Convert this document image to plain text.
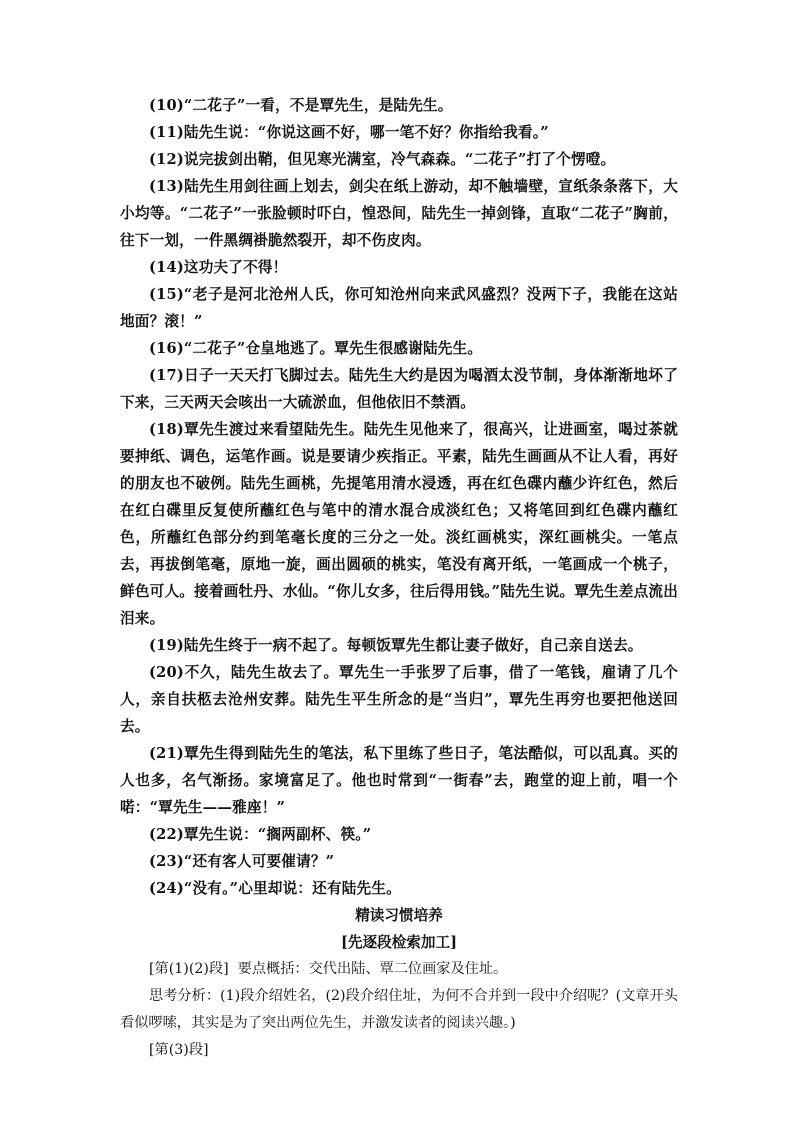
(10)“二花子”一看，不是覃先生，是陆先生。

(11)陆先生说：“你说这画不好，哪一笔不好？你指给我看。”

(12)说完拔剑出鞘，但见寒光满室，冷气森森。“二花子”打了个愣噔。

(13)陆先生用剑往画上划去，剑尖在纸上游动，却不触墙壁，宣纸条条落下，大小均等。“二花子”一张脸顿时吓白，惶恐间，陆先生一掉剑锋，直取“二花子”胸前，往下一划，一件黑绸褂脆然裂开，却不伤皮肉。

(14)这功夫了不得！

(15)“老子是河北沧州人氏，你可知沧州向来武风盛烈？没两下子，我能在这站地面？滚！”

(16)“二花子”仓皇地逃了。覃先生很感谢陆先生。

(17)日子一天天打飞脚过去。陆先生大约是因为喝酒太没节制，身体渐渐地坏了下来，三天两天会咳出一大硫淤血，但他依旧不禁酒。

(18)覃先生渡过来看望陆先生。陆先生见他来了，很高兴，让进画室，喝过茶就要抻纸、调色，运笔作画。说是要请少疾指正。平素，陆先生画画从不让人看，再好的朋友也不破例。陆先生画桃，先提笔用清水浸透，再在红色碟内蘸少许红色，然后在红白碟里反复使所蘸红色与笔中的清水混合成淡红色；又将笔回到红色碟内蘸红色，所蘸红色部分约到笔毫长度的三分之一处。淡红画桃实，深红画桃尖。一笔点去，再拔倒笔毫，原地一旋，画出圆硕的桃实，笔没有离开纸，一笔画成一个桃子，鲜色可人。接着画牡丹、水仙。“你儿女多，往后得用钱。”陆先生说。覃先生差点流出泪来。

(19)陆先生终于一病不起了。每顿饭覃先生都让妻子做好，自己亲自送去。

(20)不久，陆先生故去了。覃先生一手张罗了后事，借了一笔钱，雇请了几个人，亲自扶柩去沧州安葬。陆先生平生所念的是“当归”，覃先生再穷也要把他送回去。

(21)覃先生得到陆先生的笔法，私下里练了些日子，笔法酷似，可以乱真。买的人也多，名气渐扬。家境富足了。他也时常到“一街春”去，跑堂的迎上前，唱一个喏：“覃先生——雅座！”

(22)覃先生说：“搁两副杯、筷。”

(23)“还有客人可要催请？”

(24)“没有。”心里却说：还有陆先生。

精读习惯培养

[先逐段检索加工]

[第(1)(2)段] 要点概括：交代出陆、覃二位画家及住址。

思考分析：(1)段介绍姓名，(2)段介绍住址，为何不合并到一段中介绍呢？(文章开头看似啰嗦，其实是为了突出两位先生，并激发读者的阅读兴趣。)

[第(3)段]
